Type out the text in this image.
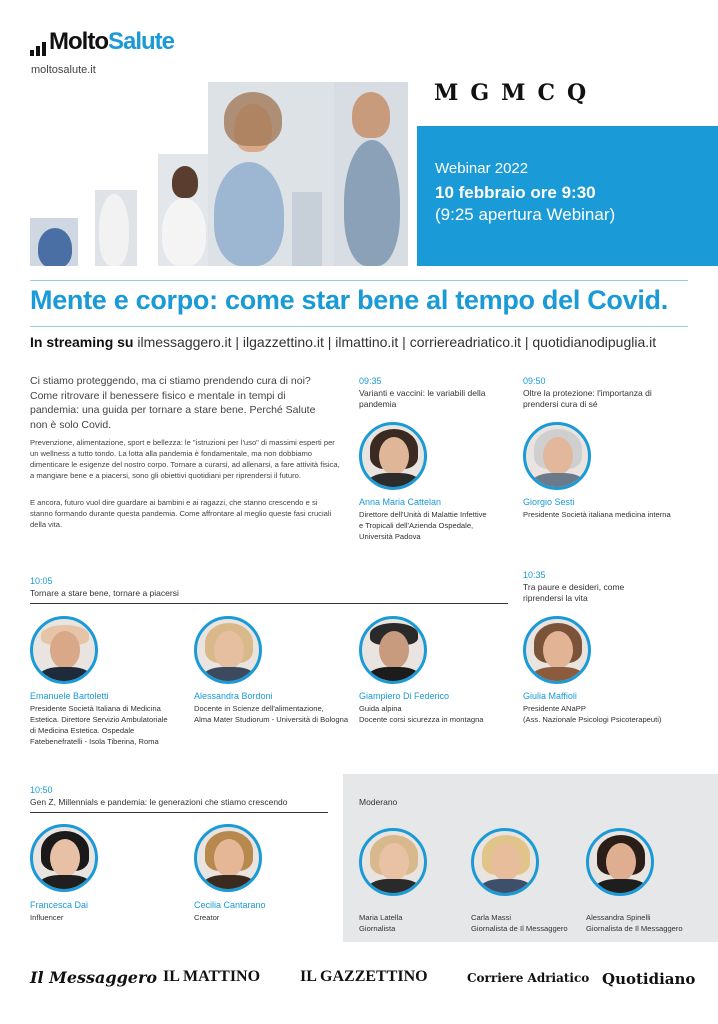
Molto Salute
moltosalute.it
MGMCQ
Webinar 2022
10 febbraio ore 9:30
(9:25 apertura Webinar)
Mente e corpo: come star bene al tempo del Covid.
In streaming su ilmessaggero.it | ilgazzettino.it | ilmattino.it | corriereadriatico.it | quotidianodipuglia.it
Ci stiamo proteggendo, ma ci stiamo prendendo cura di noi? Come ritrovare il benessere fisico e mentale in tempi di pandemia: una guida per tornare a stare bene. Perché Salute non è solo Covid.
Prevenzione, alimentazione, sport e bellezza: le "istruzioni per l'uso" di massimi esperti per un wellness a tutto tondo. La lotta alla pandemia è fondamentale, ma non dobbiamo dimenticare le esigenze del nostro corpo. Tornare a curarsi, ad allenarsi, a fare attività fisica, a mangiare bene e a piacersi, sono gli obiettivi quotidiani per riprendersi il futuro.
E ancora, futuro vuol dire guardare ai bambini e ai ragazzi, che stanno crescendo e si stanno formando durante questa pandemia. Come affrontare al meglio queste fasi cruciali della vita.
09:35
Varianti e vaccini: le variabili della pandemia
Anna Maria Cattelan
Direttore dell'Unità di Malattie Infettive
e Tropicali dell'Azienda Ospedale,
Università Padova
09:50
Oltre la protezione: l'importanza di prendersi cura di sé
Giorgio Sesti
Presidente Società italiana medicina interna
10:05
Tornare a stare bene, tornare a piacersi
10:35
Tra paure e desideri, come riprendersi la vita
Emanuele Bartoletti
Presidente Società Italiana di Medicina
Estetica. Direttore Servizio Ambulatoriale
di Medicina Estetica. Ospedale
Fatebenefratelli - Isola Tiberina, Roma
Alessandra Bordoni
Docente in Scienze dell'alimentazione,
Alma Mater Studiorum - Università di Bologna
Giampiero Di Federico
Guida alpina
Docente corsi sicurezza in montagna
Giulia Maffioli
Presidente ANaPP
(Ass. Nazionale Psicologi Psicoterapeuti)
10:50
Gen Z, Millennials e pandemia: le generazioni che stiamo crescendo
Francesca Dai
Influencer
Cecilia Cantarano
Creator
Moderano
Maria Latella
Giornalista
Carla Massi
Giornalista de Il Messaggero
Alessandra Spinelli
Giornalista de Il Messaggero
Il Messaggero IL MATTINO IL GAZZETTINO	Corriere Adriatico Quotidiano
